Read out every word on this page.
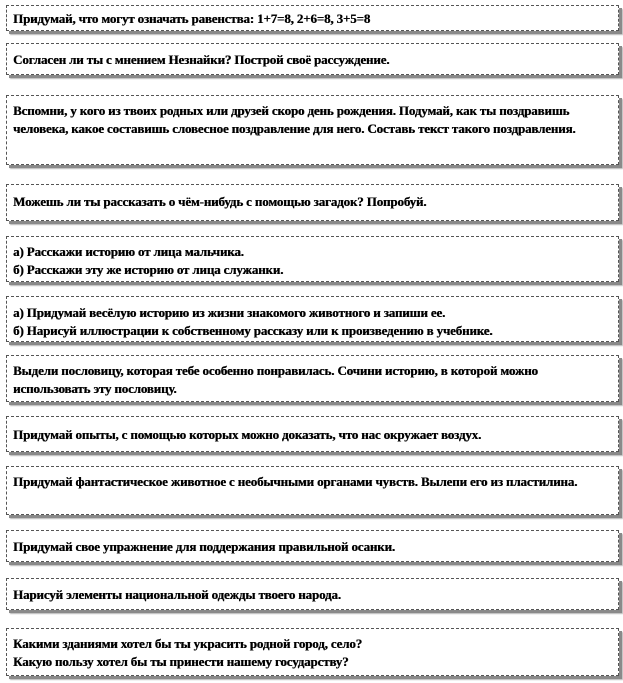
Придумай, что могут означать равенства: 1+7=8, 2+6=8, 3+5=8
Согласен ли ты с мнением Незнайки? Построй своё рассуждение.
Вспомни, у кого из твоих родных или друзей скоро день рождения. Подумай, как ты поздравишь человека, какое составишь словесное поздравление для него. Составь текст такого поздравления.
Можешь ли ты рассказать о чём-нибудь с помощью загадок? Попробуй.
а) Расскажи историю от лица мальчика.
б) Расскажи эту же историю от лица служанки.
а) Придумай весёлую историю из жизни знакомого животного и запиши ее.
б) Нарисуй иллюстрации к собственному рассказу или к произведению в учебнике.
Выдели пословицу, которая тебе особенно понравилась. Сочини историю, в которой можно использовать эту пословицу.
Придумай опыты, с помощью которых можно доказать, что нас окружает воздух.
Придумай фантастическое животное с необычными органами чувств. Вылепи его из пластилина.
Придумай свое упражнение для поддержания правильной осанки.
Нарисуй элементы национальной одежды твоего народа.
Какими зданиями хотел бы ты украсить родной город, село?
Какую пользу хотел бы ты принести нашему государству?
